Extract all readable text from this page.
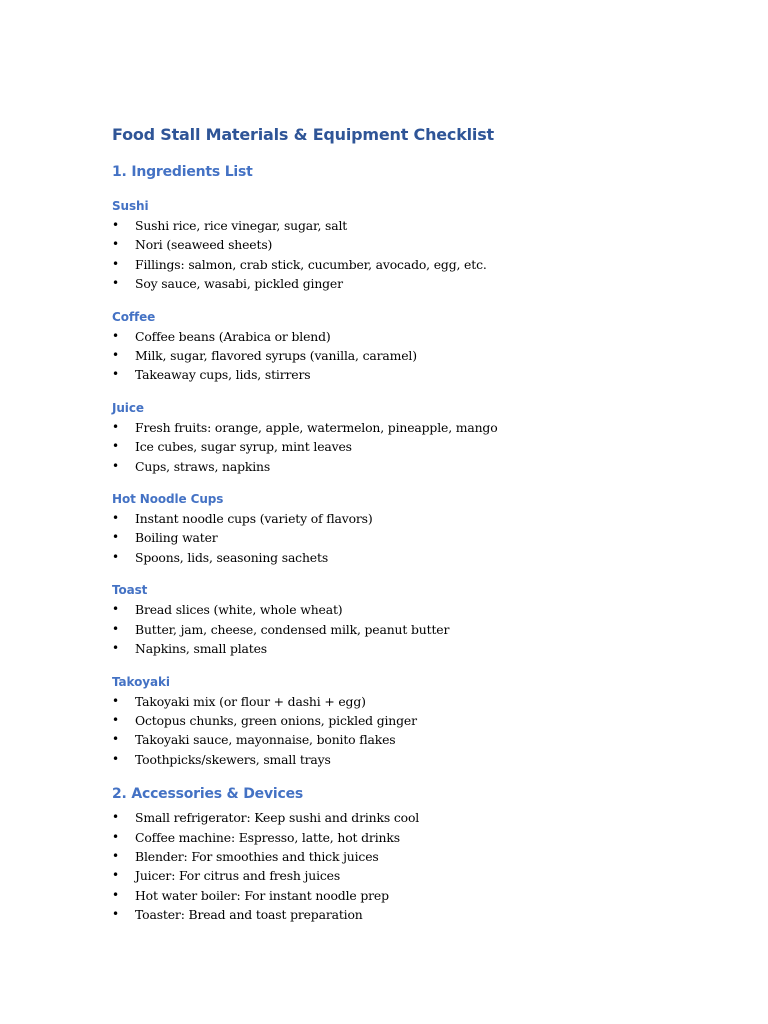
Food Stall Materials & Equipment Checklist
1. Ingredients List
Sushi
• Sushi rice, rice vinegar, sugar, salt
• Nori (seaweed sheets)
• Fillings: salmon, crab stick, cucumber, avocado, egg, etc.
• Soy sauce, wasabi, pickled ginger
Coffee
• Coffee beans (Arabica or blend)
• Milk, sugar, flavored syrups (vanilla, caramel)
• Takeaway cups, lids, stirrers
Juice
• Fresh fruits: orange, apple, watermelon, pineapple, mango
• Ice cubes, sugar syrup, mint leaves
• Cups, straws, napkins
Hot Noodle Cups
• Instant noodle cups (variety of flavors)
• Boiling water
• Spoons, lids, seasoning sachets
Toast
• Bread slices (white, whole wheat)
• Butter, jam, cheese, condensed milk, peanut butter
• Napkins, small plates
Takoyaki
• Takoyaki mix (or flour + dashi + egg)
• Octopus chunks, green onions, pickled ginger
• Takoyaki sauce, mayonnaise, bonito flakes
• Toothpicks/skewers, small trays
2. Accessories & Devices
• Small refrigerator: Keep sushi and drinks cool
• Coffee machine: Espresso, latte, hot drinks
• Blender: For smoothies and thick juices
• Juicer: For citrus and fresh juices
• Hot water boiler: For instant noodle prep
• Toaster: Bread and toast preparation
